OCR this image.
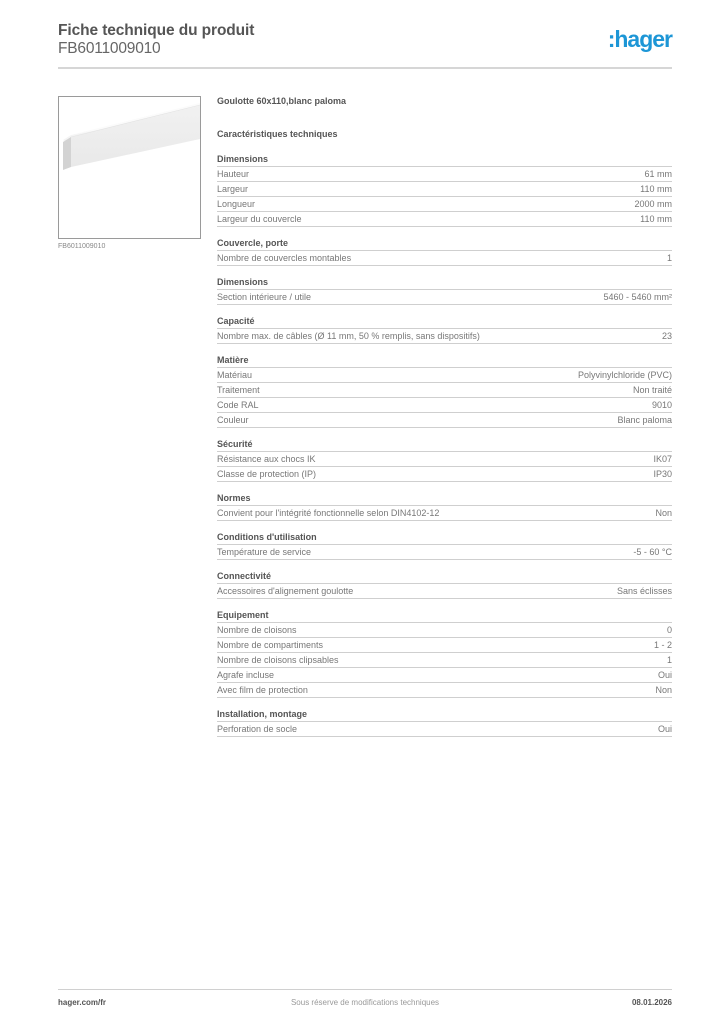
Fiche technique du produit
FB6011009010	:hager
FB6011009010
Goulotte 60x110,blanc paloma
Caractéristiques techniques
Dimensions
Hauteur	61 mm
Largeur	110 mm
Longueur	2000 mm
Largeur du couvercle	110 mm
Couvercle, porte
Nombre de couvercles montables	1
Dimensions
Section intérieure / utile	5460 - 5460 mm²
Capacité
Nombre max. de câbles (Ø 11 mm, 50 % remplis, sans dispositifs)	23
Matière
Matériau	Polyvinylchloride (PVC)
Traitement	Non traité
Code RAL	9010
Couleur	Blanc paloma
Sécurité
Résistance aux chocs IK	IK07
Classe de protection (IP)	IP30
Normes
Convient pour l'intégrité fonctionnelle selon DIN4102-12	Non
Conditions d'utilisation
Température de service	-5 - 60 °C
Connectivité
Accessoires d'alignement goulotte	Sans éclisses
Equipement
Nombre de cloisons	0
Nombre de compartiments	1 - 2
Nombre de cloisons clipsables	1
Agrafe incluse	Oui
Avec film de protection	Non
Installation, montage
Perforation de socle	Oui
Sous réserve de modifications techniques
hager.com/fr	08.01.2026
